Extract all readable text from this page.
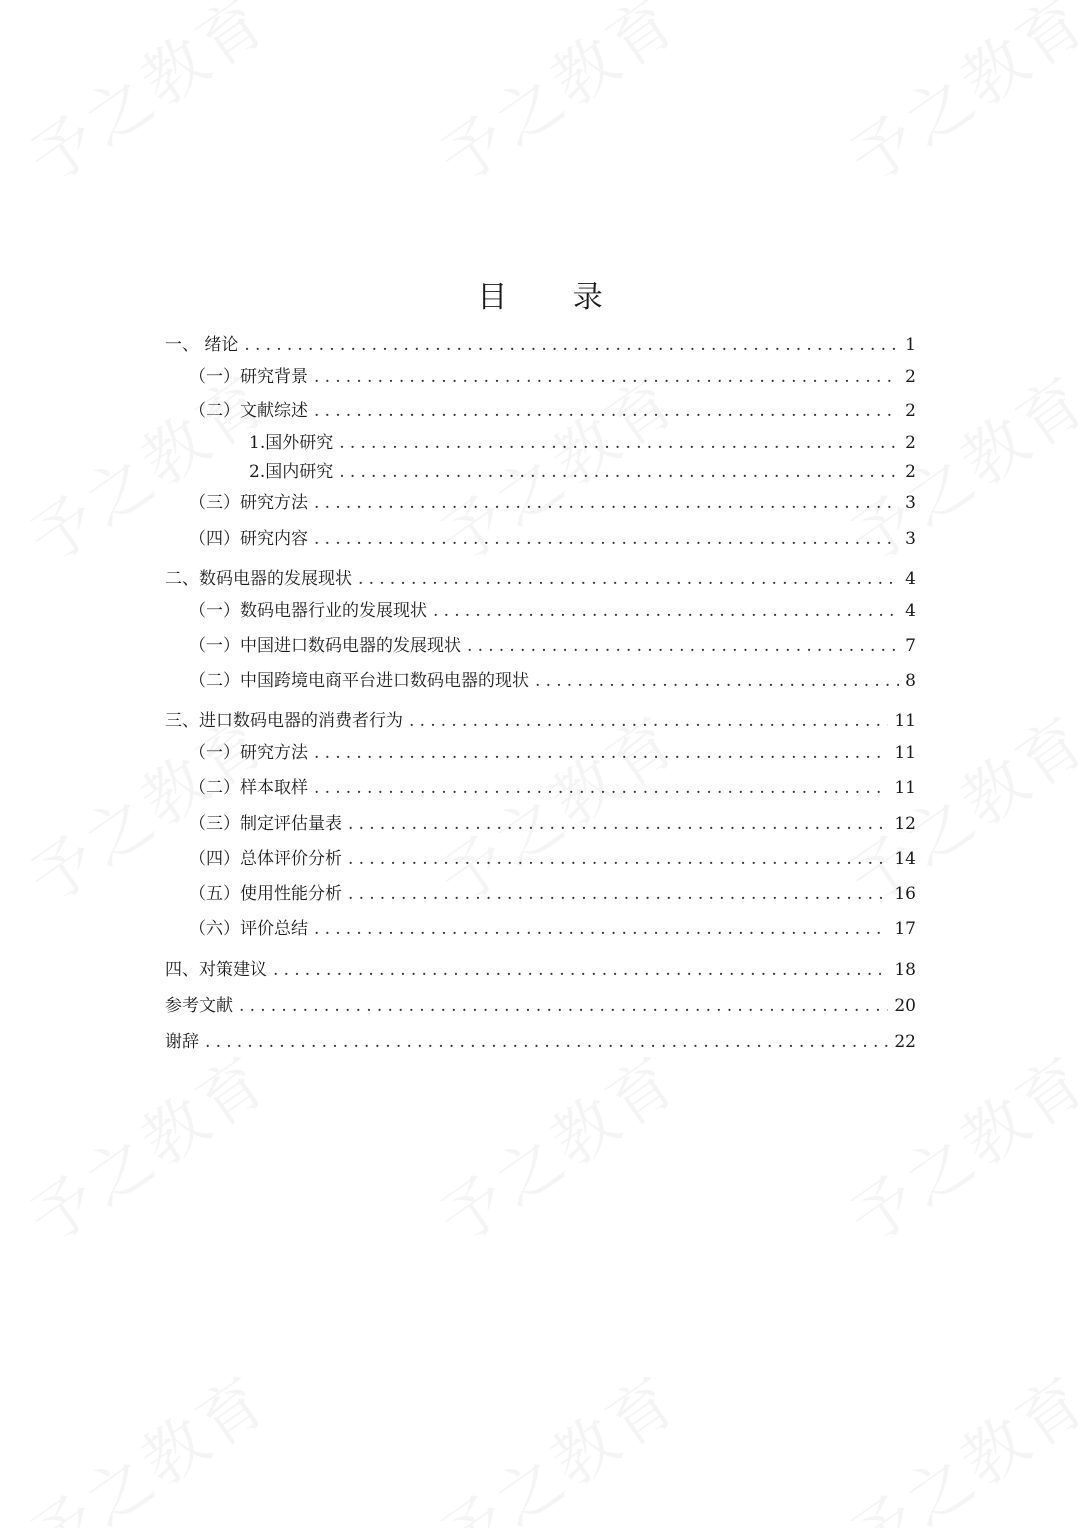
目 录
一、 绪论 .....	1
（一）研究背景 .....	2
（二）文献综述 .....	2
1.国外研究 .....	2
2.国内研究 .....	2
（三）研究方法 .....	3
（四）研究内容 .....	3
二、数码电器的发展现状 .....	4
（一）数码电器行业的发展现状 .....	4
（一）中国进口数码电器的发展现状 .....	7
（二）中国跨境电商平台进口数码电器的现状 .....	8
三、进口数码电器的消费者行为 .....	11
（一）研究方法 .....	11
（二）样本取样 .....	11
（三）制定评估量表 .....	12
（四）总体评价分析 .....	14
（五）使用性能分析 .....	16
（六）评价总结 .....	17
四、对策建议 .....	18
参考文献 .....	20
谢辞 .....	22
